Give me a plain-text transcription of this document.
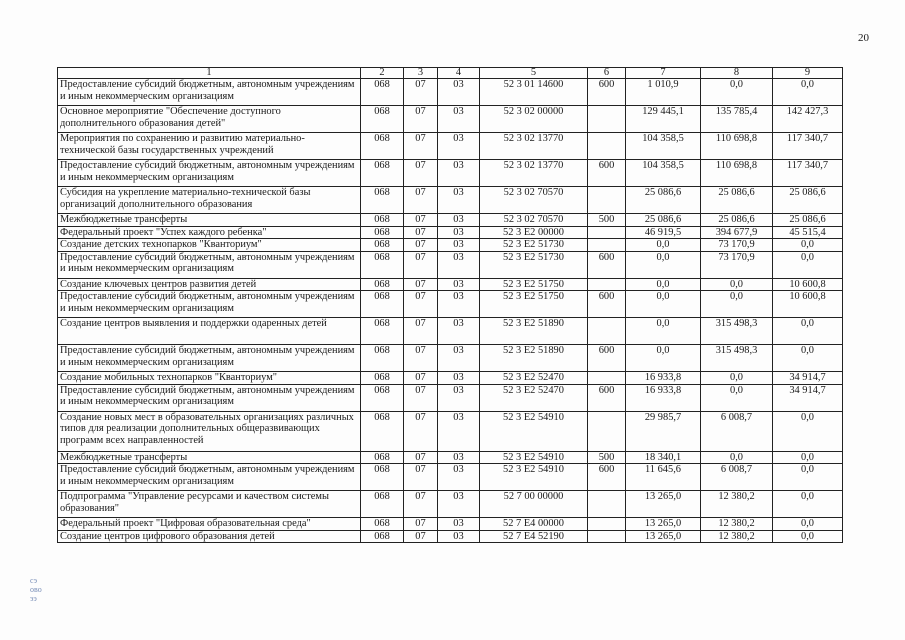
20
1	2	3	4	5	6	7	8	9
Предоставление субсидий бюджетным, автономным учреждениям и иным некоммерческим организациям	068	07	03	52 3 01 14600	600	1 010,9	0,0	0,0
Основное мероприятие "Обеспечение доступного дополнительного образования детей"	068	07	03	52 3 02 00000		129 445,1	135 785,4	142 427,3
Мероприятия по сохранению и развитию материально-технической базы государственных учреждений	068	07	03	52 3 02 13770		104 358,5	110 698,8	117 340,7
Предоставление субсидий бюджетным, автономным учреждениям и иным некоммерческим организациям	068	07	03	52 3 02 13770	600	104 358,5	110 698,8	117 340,7
Субсидия на укрепление материально-технической базы организаций дополнительного образования	068	07	03	52 3 02 70570		25 086,6	25 086,6	25 086,6
Межбюджетные трансферты	068	07	03	52 3 02 70570	500	25 086,6	25 086,6	25 086,6
Федеральный проект "Успех каждого ребенка"	068	07	03	52 3 E2 00000		46 919,5	394 677,9	45 515,4
Создание детских технопарков "Кванториум"	068	07	03	52 3 E2 51730		0,0	73 170,9	0,0
Предоставление субсидий бюджетным, автономным учреждениям и иным некоммерческим организациям	068	07	03	52 3 E2 51730	600	0,0	73 170,9	0,0
Создание ключевых центров развития детей	068	07	03	52 3 E2 51750		0,0	0,0	10 600,8
Предоставление субсидий бюджетным, автономным учреждениям и иным некоммерческим организациям	068	07	03	52 3 E2 51750	600	0,0	0,0	10 600,8
Создание центров выявления и поддержки одаренных детей	068	07	03	52 3 E2 51890		0,0	315 498,3	0,0
Предоставление субсидий бюджетным, автономным учреждениям и иным некоммерческим организациям	068	07	03	52 3 E2 51890	600	0,0	315 498,3	0,0
Создание мобильных технопарков "Кванториум"	068	07	03	52 3 E2 52470		16 933,8	0,0	34 914,7
Предоставление субсидий бюджетным, автономным учреждениям и иным некоммерческим организациям	068	07	03	52 3 E2 52470	600	16 933,8	0,0	34 914,7
Создание новых мест в образовательных организациях различных типов для реализации дополнительных общеразвивающих программ всех направленностей	068	07	03	52 3 E2 54910		29 985,7	6 008,7	0,0
Межбюджетные трансферты	068	07	03	52 3 E2 54910	500	18 340,1	0,0	0,0
Предоставление субсидий бюджетным, автономным учреждениям и иным некоммерческим организациям	068	07	03	52 3 E2 54910	600	11 645,6	6 008,7	0,0
Подпрограмма "Управление ресурсами и качеством системы образования"	068	07	03	52 7 00 00000		13 265,0	12 380,2	0,0
Федеральный проект "Цифровая образовательная среда"	068	07	03	52 7 E4 00000		13 265,0	12 380,2	0,0
Создание центров цифрового образования детей	068	07	03	52 7 E4 52190		13 265,0	12 380,2	0,0
сэ
ово
ээ
